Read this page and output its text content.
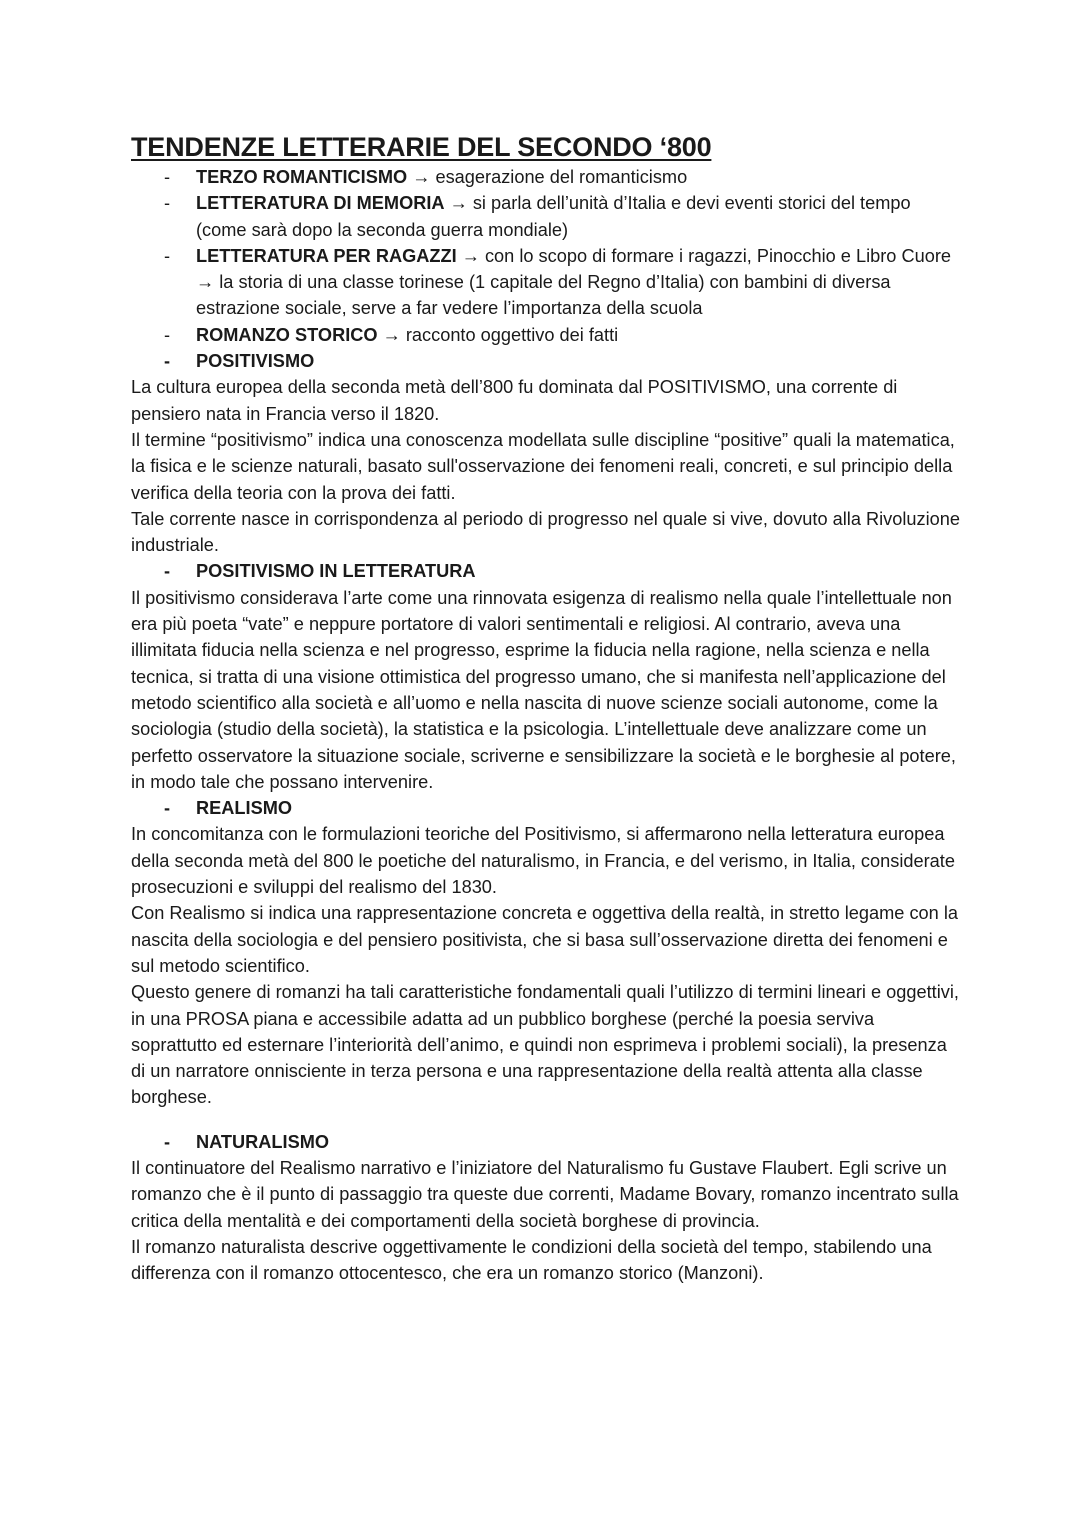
TENDENZE LETTERARIE DEL SECONDO ‘800
- TERZO ROMANTICISMO → esagerazione del romanticismo
- LETTERATURA DI MEMORIA → si parla dell’unità d’Italia e devi eventi storici del tempo (come sarà dopo la seconda guerra mondiale)
- LETTERATURA PER RAGAZZI → con lo scopo di formare i ragazzi, Pinocchio e Libro Cuore → la storia di una classe torinese (1 capitale del Regno d’Italia) con bambini di diversa estrazione sociale, serve a far vedere l’importanza della scuola
- ROMANZO STORICO → racconto oggettivo dei fatti
- POSITIVISMO

La cultura europea della seconda metà dell’800 fu dominata dal POSITIVISMO, una corrente di pensiero nata in Francia verso il 1820.

Il termine “positivismo” indica una conoscenza modellata sulle discipline “positive” quali la matematica, la fisica e le scienze naturali, basato sull'osservazione dei fenomeni reali, concreti, e sul principio della verifica della teoria con la prova dei fatti.

Tale corrente nasce in corrispondenza al periodo di progresso nel quale si vive, dovuto alla Rivoluzione industriale.

- POSITIVISMO IN LETTERATURA

Il positivismo considerava l’arte come una rinnovata esigenza di realismo nella quale l’intellettuale non era più poeta “vate” e neppure portatore di valori sentimentali e religiosi. Al contrario, aveva una illimitata fiducia nella scienza e nel progresso, esprime la fiducia nella ragione, nella scienza e nella tecnica, si tratta di una visione ottimistica del progresso umano, che si manifesta nell’applicazione del metodo scientifico alla società e all’uomo e nella nascita di nuove scienze sociali autonome, come la sociologia (studio della società), la statistica e la psicologia. L’intellettuale deve analizzare come un perfetto osservatore la situazione sociale, scriverne e sensibilizzare la società e le borghesie al potere, in modo tale che possano intervenire.

- REALISMO

In concomitanza con le formulazioni teoriche del Positivismo, si affermarono nella letteratura europea della seconda metà del 800 le poetiche del naturalismo, in Francia, e del verismo, in Italia, considerate prosecuzioni e sviluppi del realismo del 1830.

Con Realismo si indica una rappresentazione concreta e oggettiva della realtà, in stretto legame con la nascita della sociologia e del pensiero positivista, che si basa sull’osservazione diretta dei fenomeni e sul metodo scientifico.

Questo genere di romanzi ha tali caratteristiche fondamentali quali l’utilizzo di termini lineari e oggettivi, in una PROSA piana e accessibile adatta ad un pubblico borghese (perché la poesia serviva soprattutto ed esternare l’interiorità dell’animo, e quindi non esprimeva i problemi sociali), la presenza di un narratore onnisciente in terza persona e una rappresentazione della realtà attenta alla classe borghese.

- NATURALISMO

Il continuatore del Realismo narrativo e l’iniziatore del Naturalismo fu Gustave Flaubert. Egli scrive un romanzo che è il punto di passaggio tra queste due correnti, Madame Bovary, romanzo incentrato sulla critica della mentalità e dei comportamenti della società borghese di provincia.

Il romanzo naturalista descrive oggettivamente le condizioni della società del tempo, stabilendo una differenza con il romanzo ottocentesco, che era un romanzo storico (Manzoni).
